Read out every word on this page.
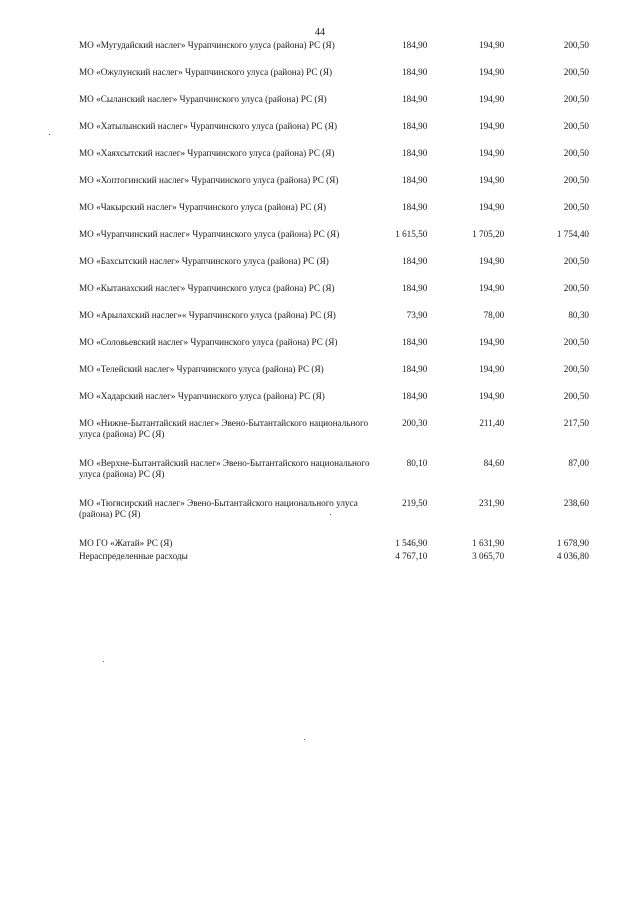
44
МО «Мугудайский наслег» Чурапчинского улуса (района) РС (Я)	184,90	194,90	200,50
МО «Ожулунский наслег» Чурапчинского улуса (района) РС (Я)	184,90	194,90	200,50
МО «Сыланский наслег» Чурапчинского улуса (района) РС (Я)	184,90	194,90	200,50
МО «Хатылынский наслег» Чурапчинского улуса (района) РС (Я)	184,90	194,90	200,50
МО «Хаяхсытский наслег» Чурапчинского улуса (района) РС (Я)	184,90	194,90	200,50
МО «Хоптогинский наслег» Чурапчинского улуса (района) РС (Я)	184,90	194,90	200,50
МО «Чакырский наслег» Чурапчинского улуса (района) РС (Я)	184,90	194,90	200,50
МО «Чурапчинский наслег» Чурапчинского улуса (района) РС (Я)	1 615,50	1 705,20	1 754,40
МО «Бахсытский наслег» Чурапчинского улуса (района) РС (Я)	184,90	194,90	200,50
МО «Кытанахский наслег» Чурапчинского улуса (района) РС (Я)	184,90	194,90	200,50
МО «Арылахский наслег»« Чурапчинского улуса (района) РС (Я)	73,90	78,00	80,30
МО «Соловьевский наслег» Чурапчинского улуса (района) РС (Я)	184,90	194,90	200,50
МО «Телейский наслег» Чурапчинского улуса (района) РС (Я)	184,90	194,90	200,50
МО «Хадарский наслег» Чурапчинского улуса (района) РС (Я)	184,90	194,90	200,50
МО «Нижне-Бытантайский наслег» Эвено-Бытантайского национального улуса (района) РС (Я)	200,30	211,40	217,50
МО «Верхне-Бытантайский наслег» Эвено-Бытантайского национального улуса (района) РС (Я)	80,10	84,60	87,00
МО «Тюгясирский наслег» Эвено-Бытантайского национального улуса (района) РС (Я)	219,50	231,90	238,60
МО ГО «Жатай» РС (Я)	1 546,90	1 631,90	1 678,90
Нераспределенные расходы	4 767,10	3 065,70	4 036,80
